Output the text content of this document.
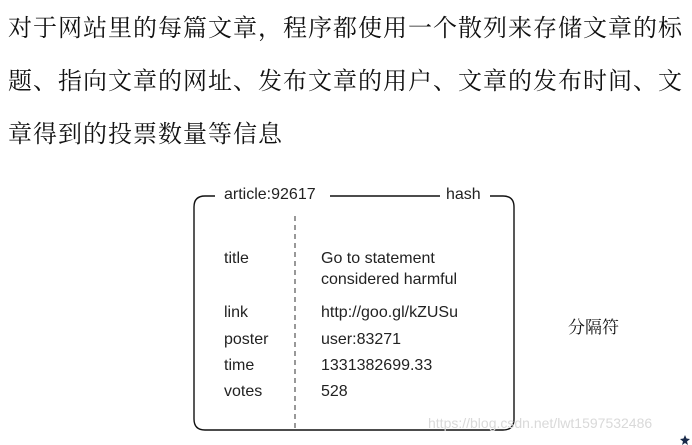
对于网站里的每篇文章，程序都使用一个散列来存储文章的标题、指向文章的网址、发布文章的用户、文章的发布时间、文章得到的投票数量等信息

article:92617	hash
title	Go to statement
considered harmful
link	http://goo.gl/kZUSu
poster	user:83271
time	1331382699.33
votes	528
分隔符
https://blog.csdn.net/lwt1597532486
